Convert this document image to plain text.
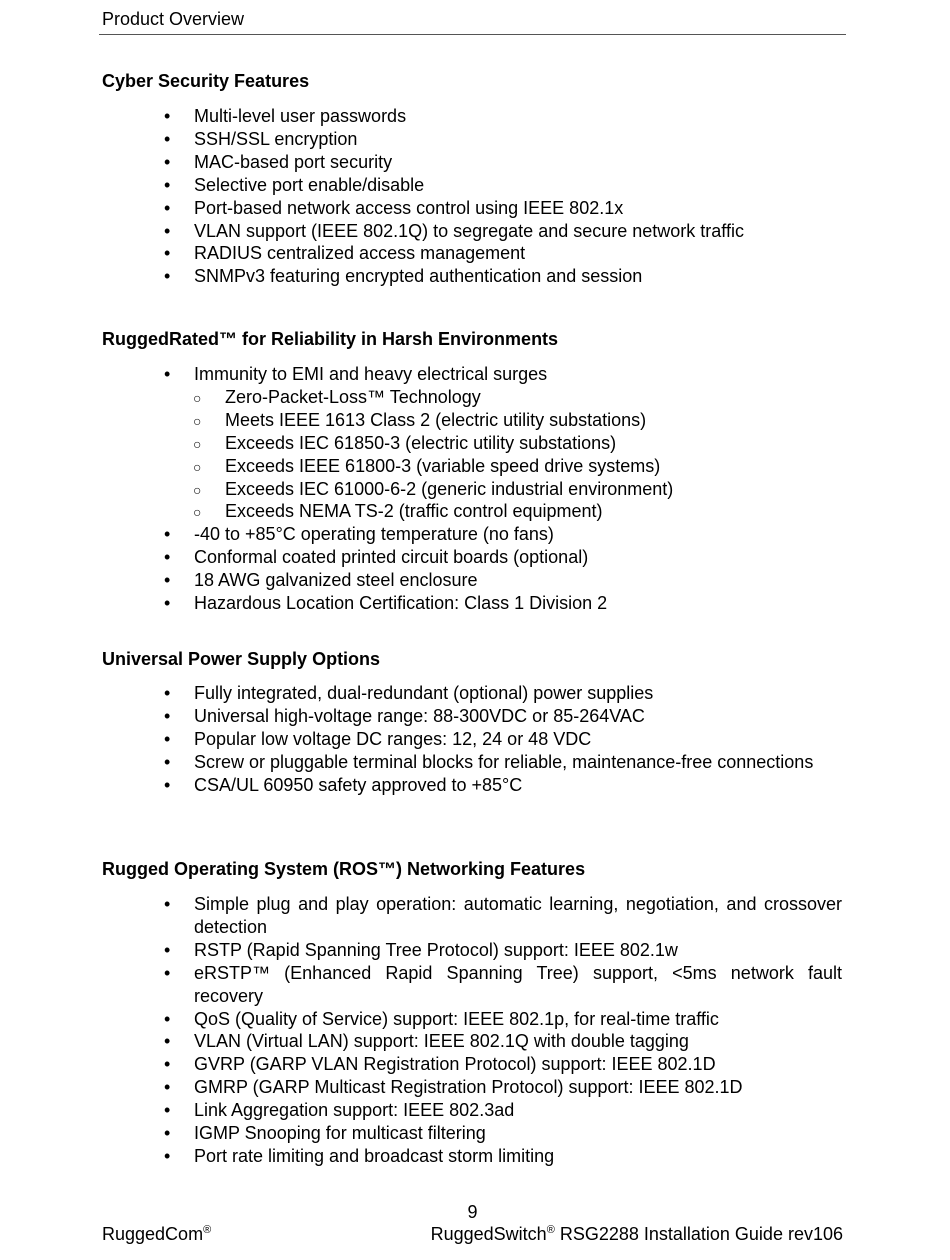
Product Overview
Cyber Security Features
• Multi-level user passwords
• SSH/SSL encryption
• MAC-based port security
• Selective port enable/disable
• Port-based network access control using IEEE 802.1x
• VLAN support (IEEE 802.1Q) to segregate and secure network traffic
• RADIUS centralized access management
• SNMPv3 featuring encrypted authentication and session
RuggedRated™ for Reliability in Harsh Environments
• Immunity to EMI and heavy electrical surges
○ Zero-Packet-Loss™ Technology
○ Meets IEEE 1613 Class 2 (electric utility substations)
○ Exceeds IEC 61850-3 (electric utility substations)
○ Exceeds IEEE 61800-3 (variable speed drive systems)
○ Exceeds IEC 61000-6-2 (generic industrial environment)
○ Exceeds NEMA TS-2 (traffic control equipment)
• -40 to +85°C operating temperature (no fans)
• Conformal coated printed circuit boards (optional)
• 18 AWG galvanized steel enclosure
• Hazardous Location Certification: Class 1 Division 2
Universal Power Supply Options
• Fully integrated, dual-redundant (optional) power supplies
• Universal high-voltage range: 88-300VDC or 85-264VAC
• Popular low voltage DC ranges: 12, 24 or 48 VDC
• Screw or pluggable terminal blocks for reliable, maintenance-free connections
• CSA/UL 60950 safety approved to +85°C
Rugged Operating System (ROS™) Networking Features
• Simple plug and play operation: automatic learning, negotiation, and crossover detection
• RSTP (Rapid Spanning Tree Protocol) support: IEEE 802.1w
• eRSTP™ (Enhanced Rapid Spanning Tree) support, <5ms network fault recovery
• QoS (Quality of Service) support: IEEE 802.1p, for real-time traffic
• VLAN (Virtual LAN) support: IEEE 802.1Q with double tagging
• GVRP (GARP VLAN Registration Protocol) support: IEEE 802.1D
• GMRP (GARP Multicast Registration Protocol) support: IEEE 802.1D
• Link Aggregation support: IEEE 802.3ad
• IGMP Snooping for multicast filtering
• Port rate limiting and broadcast storm limiting
9
RuggedCom®	RuggedSwitch® RSG2288 Installation Guide rev106
